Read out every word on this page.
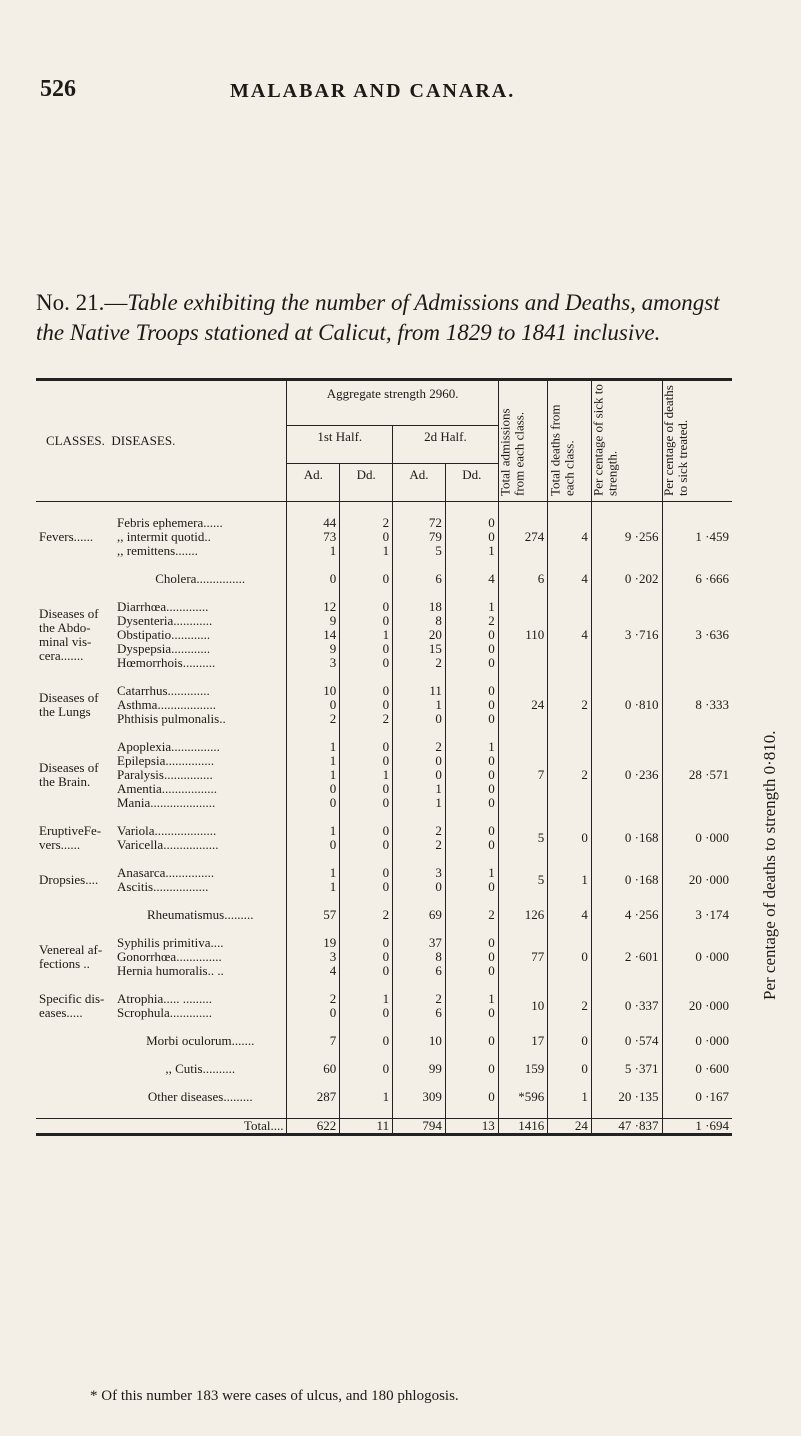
526	MALABAR AND CANARA.
No. 21.—Table exhibiting the number of Admissions and Deaths, amongst the Native Troops stationed at Calicut, from 1829 to 1841 inclusive.
CLASSES. DISEASES.		Aggregate strength 2960.				Total admissions from each class.	Total deaths from each class.	Per centage of sick to strength.	Per centage of deaths to sick treated.
		1st Half.		2d Half.					
		Ad.	Dd.	Ad.	Dd.				

Fevers......	Febris ephemera......	44	2	72	0	274	4	9 ·256	1 ·459
	,, intermit quotid..	73	0	79	0				
	,, remittens.......	1	1	5	1				

	Cholera...............	0	0	6	4	6	4	0 ·202	6 ·666

Diseases of the Abdo-minal vis-cera.......	Diarrhœa.............	12	0	18	1	110	4	3 ·716	3 ·636
	Dysenteria............	9	0	8	2				
	Obstipatio............	14	1	20	0				
	Dyspepsia............	9	0	15	0				
	Hœmorrhois..........	3	0	2	0				

Diseases of the Lungs	Catarrhus.............	10	0	11	0	24	2	0 ·810	8 ·333
	Asthma..................	0	0	1	0				
	Phthisis pulmonalis..	2	2	0	0				

Diseases of the Brain.	Apoplexia...............	1	0	2	1	7	2	0 ·236	28 ·571
	Epilepsia...............	1	0	0	0				
	Paralysis...............	1	1	0	0				
	Amentia.................	0	0	1	0				
	Mania....................	0	0	1	0				

EruptiveFe-vers......	Variola...................	1	0	2	0	5	0	0 ·168	0 ·000
	Varicella.................	0	0	2	0				

Dropsies....	Anasarca...............	1	0	3	1	5	1	0 ·168	20 ·000
	Ascitis.................	1	0	0	0				

	Rheumatismus.........	57	2	69	2	126	4	4 ·256	3 ·174

Venereal af-fections ..	Syphilis primitiva....	19	0	37	0	77	0	2 ·601	0 ·000
	Gonorrhœa..............	3	0	8	0				
	Hernia humoralis.. ..	4	0	6	0				

Specific dis-eases.....	Atrophia..... .........	2	1	2	1	10	2	0 ·337	20 ·000
	Scrophula.............	0	0	6	0				

	Morbi oculorum.......	7	0	10	0	17	0	0 ·574	0 ·000

	,, Cutis..........	60	0	99	0	159	0	5 ·371	0 ·600

	Other diseases.........	287	1	309	0	*596	1	20 ·135	0 ·167

Total....		622	11	794	13	1416	24	47 ·837	1 ·694
* Of this number 183 were cases of ulcus, and 180 phlogosis.
Per centage of deaths to strength 0·810.
